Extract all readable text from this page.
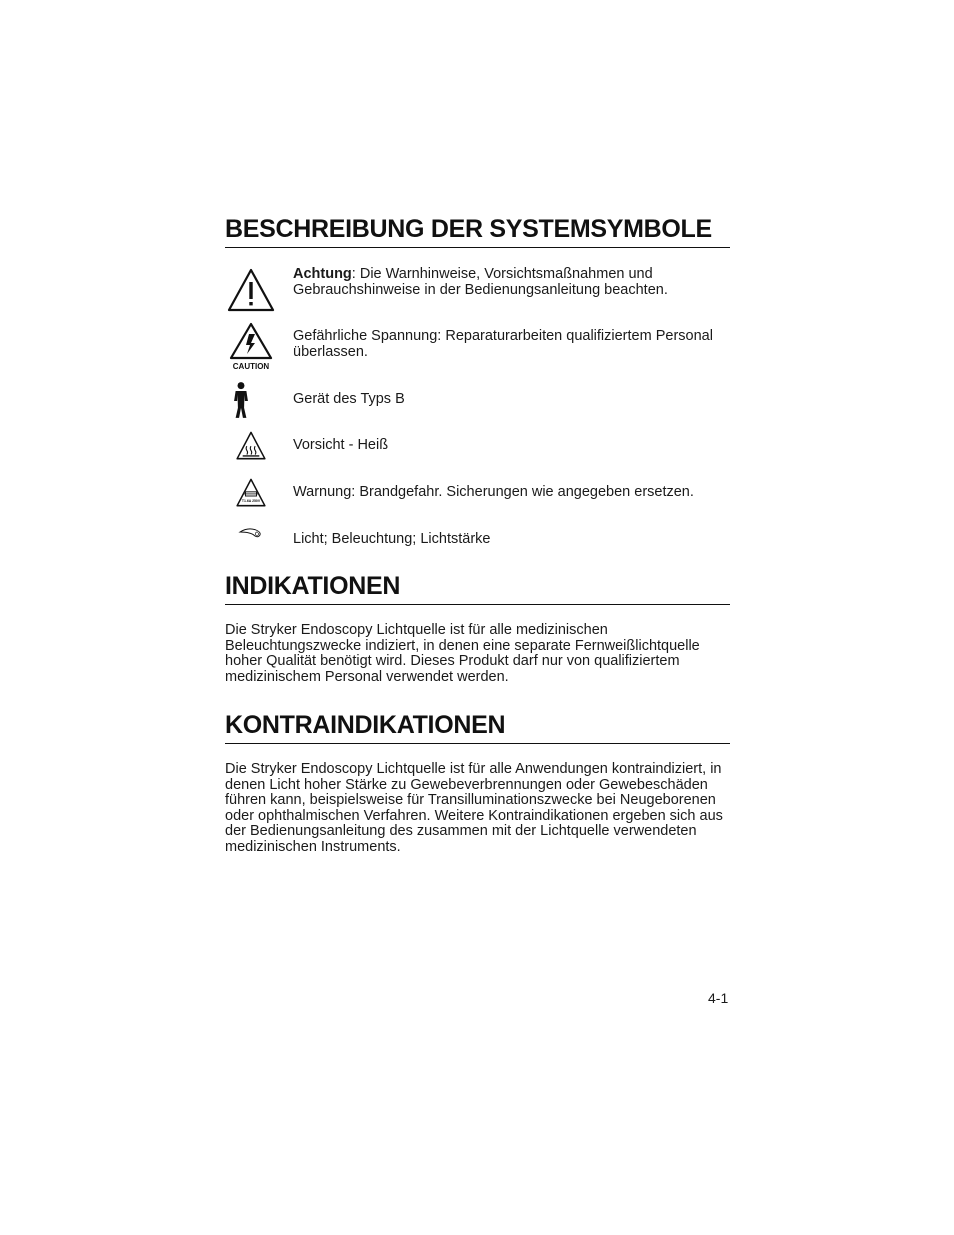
BESCHREIBUNG DER SYSTEMSYMBOLE
Achtung: Die Warnhinweise, Vorsichtsmaßnahmen und Gebrauchshinweise in der Bedienungsanleitung beachten.
CAUTION
Gefährliche Spannung: Reparaturarbeiten qualifiziertem Personal überlassen.
Gerät des Typs B
Vorsicht - Heiß
T1.6A 250V
Warnung: Brandgefahr. Sicherungen wie angegeben ersetzen.
Licht; Beleuchtung; Lichtstärke
INDIKATIONEN

Die Stryker Endoscopy Lichtquelle ist für alle medizinischen Beleuchtungszwecke indiziert, in denen eine separate Fernweißlichtquelle hoher Qualität benötigt wird. Dieses Produkt darf nur von qualifiziertem medizinischem Personal verwendet werden.

KONTRAINDIKATIONEN

Die Stryker Endoscopy Lichtquelle ist für alle Anwendungen kontraindiziert, in denen Licht hoher Stärke zu Gewebeverbrennungen oder Gewebeschäden führen kann, beispielsweise für Transilluminationszwecke bei Neugeborenen oder ophthalmischen Verfahren. Weitere Kontraindikationen ergeben sich aus der Bedienungsanleitung des zusammen mit der Lichtquelle verwendeten medizinischen Instruments.

4-1
